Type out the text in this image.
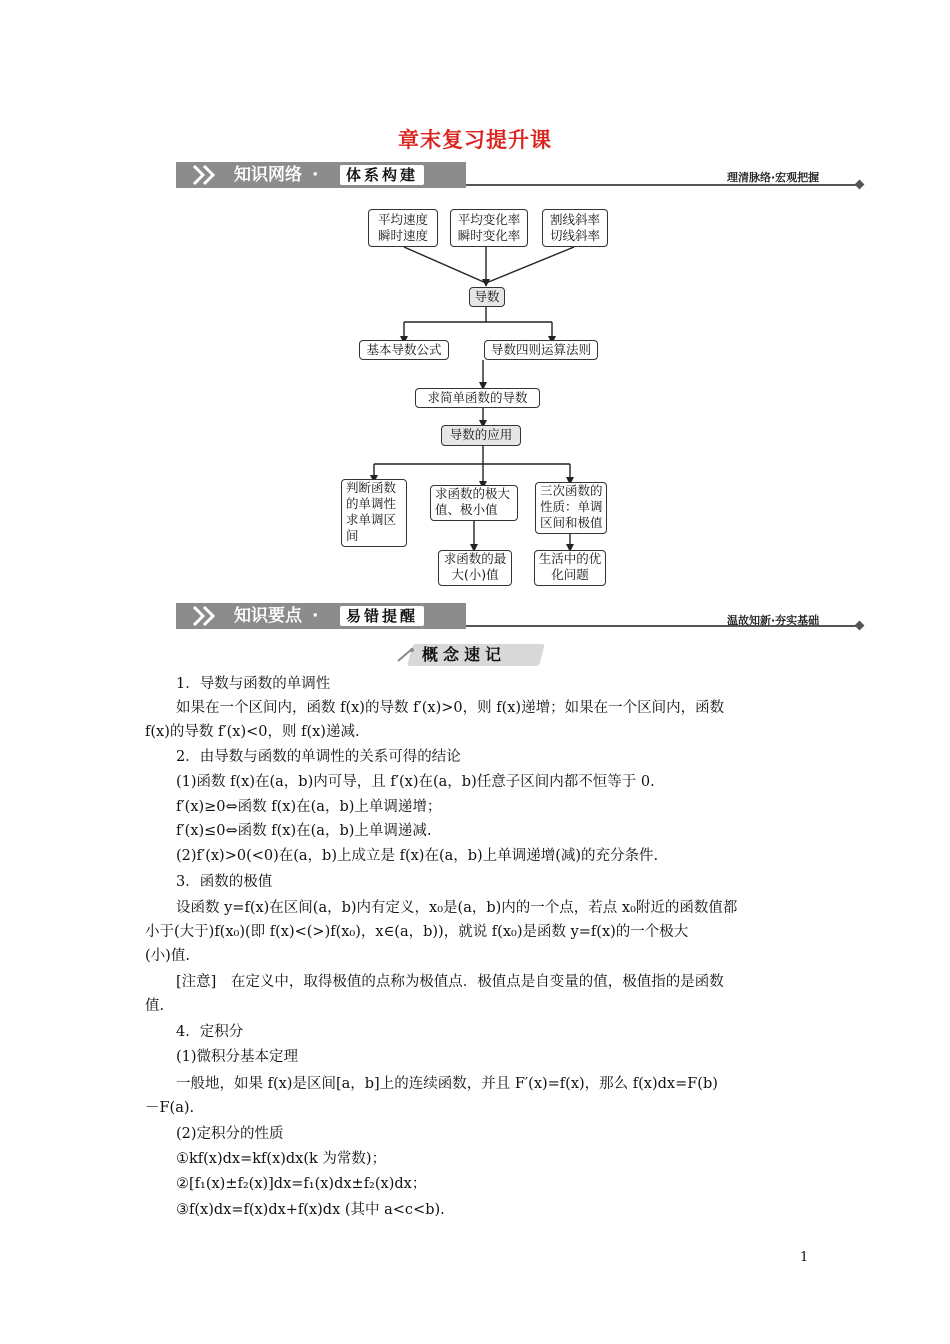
章末复习提升课
知识网络 ·	体系构建	理清脉络·宏观把握
平均速度
瞬时速度
平均变化率
瞬时变化率
割线斜率
切线斜率
导数
基本导数公式	导数四则运算法则
求简单函数的导数
导数的应用
判断函数
的单调性
求单调区
间
求函数的极大
值、极小值
三次函数的
性质：单调
区间和极值
求函数的最
大(小)值
生活中的优
化问题
知识要点 ·	易错提醒	温故知新·夯实基础
概念速记
1．导数与函数的单调性
如果在一个区间内，函数 f(x)的导数 f′(x)>0，则 f(x)递增；如果在一个区间内，函数
f(x)的导数 f′(x)<0，则 f(x)递减.
2．由导数与函数的单调性的关系可得的结论
(1)函数 f(x)在(a，b)内可导，且 f′(x)在(a，b)任意子区间内都不恒等于 0.
f′(x)≥0⇔函数 f(x)在(a，b)上单调递增；
f′(x)≤0⇔函数 f(x)在(a，b)上单调递减.
(2)f′(x)>0(<0)在(a，b)上成立是 f(x)在(a，b)上单调递增(减)的充分条件.
3．函数的极值
设函数 y=f(x)在区间(a，b)内有定义，x₀是(a，b)内的一个点，若点 x₀附近的函数值都
小于(大于)f(x₀)(即 f(x)<(>)f(x₀)，x∈(a，b))，就说 f(x₀)是函数 y=f(x)的一个极大
(小)值.
[注意]　在定义中，取得极值的点称为极值点．极值点是自变量的值，极值指的是函数
值.
4．定积分
(1)微积分基本定理
一般地，如果 f(x)是区间[a，b]上的连续函数，并且 F′(x)=f(x)，那么 f(x)dx=F(b)
－F(a).
(2)定积分的性质
①kf(x)dx=kf(x)dx(k 为常数)；
②[f₁(x)±f₂(x)]dx=f₁(x)dx±f₂(x)dx；
③f(x)dx=f(x)dx+f(x)dx (其中 a<c<b).
1
